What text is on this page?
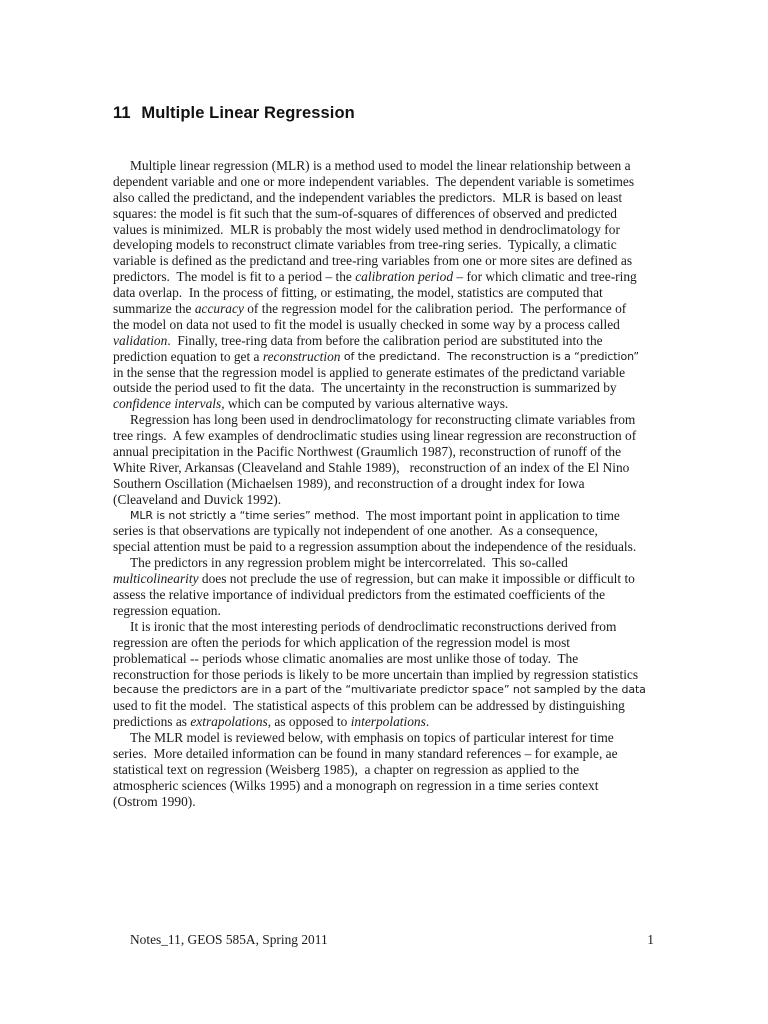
11 Multiple Linear Regression
Multiple linear regression (MLR) is a method used to model the linear relationship between a
dependent variable and one or more independent variables.  The dependent variable is sometimes
also called the predictand, and the independent variables the predictors.  MLR is based on least
squares: the model is fit such that the sum-of-squares of differences of observed and predicted
values is minimized.  MLR is probably the most widely used method in dendroclimatology for
developing models to reconstruct climate variables from tree-ring series.  Typically, a climatic
variable is defined as the predictand and tree-ring variables from one or more sites are defined as
predictors.  The model is fit to a period – the calibration period – for which climatic and tree-ring
data overlap.  In the process of fitting, or estimating, the model, statistics are computed that
summarize the accuracy of the regression model for the calibration period.  The performance of
the model on data not used to fit the model is usually checked in some way by a process called
validation .  Finally, tree-ring data from before the calibration period are substituted into the
prediction equation to get a reconstruction of the predictand.  The reconstruction is a “prediction”
in the sense that the regression model is applied to generate estimates of the predictand variable
outside the period used to fit the data.  The uncertainty in the reconstruction is summarized by
confidence intervals, which can be computed by various alternative ways.
Regression has long been used in dendroclimatology for reconstructing climate variables from
tree rings.  A few examples of dendroclimatic studies using linear regression are reconstruction of
annual precipitation in the Pacific Northwest (Graumlich 1987), reconstruction of runoff of the
White River, Arkansas (Cleaveland and Stahle 1989),   reconstruction of an index of the El Nino
Southern Oscillation (Michaelsen 1989), and reconstruction of a drought index for Iowa
(Cleaveland and Duvick 1992).
MLR is not strictly a “time series” method. The most important point in application to time
series is that observations are typically not independent of one another.  As a consequence,
special attention must be paid to a regression assumption about the independence of the residuals.
The predictors in any regression problem might be intercorrelated.  This so-called
multicolinearity does not preclude the use of regression, but can make it impossible or difficult to
assess the relative importance of individual predictors from the estimated coefficients of the
regression equation.
It is ironic that the most interesting periods of dendroclimatic reconstructions derived from
regression are often the periods for which application of the regression model is most
problematical -- periods whose climatic anomalies are most unlike those of today.  The
reconstruction for those periods is likely to be more uncertain than implied by regression statistics
because the predictors are in a part of the “multivariate predictor space” not sampled by the data
used to fit the model.  The statistical aspects of this problem can be addressed by distinguishing
predictions as extrapolations , as opposed to interpolations .
The MLR model is reviewed below, with emphasis on topics of particular interest for time
series.  More detailed information can be found in many standard references – for example, ae
statistical text on regression (Weisberg 1985),  a chapter on regression as applied to the
atmospheric sciences (Wilks 1995) and a monograph on regression in a time series context
(Ostrom 1990).
Notes_11, GEOS 585A, Spring 2011	1
